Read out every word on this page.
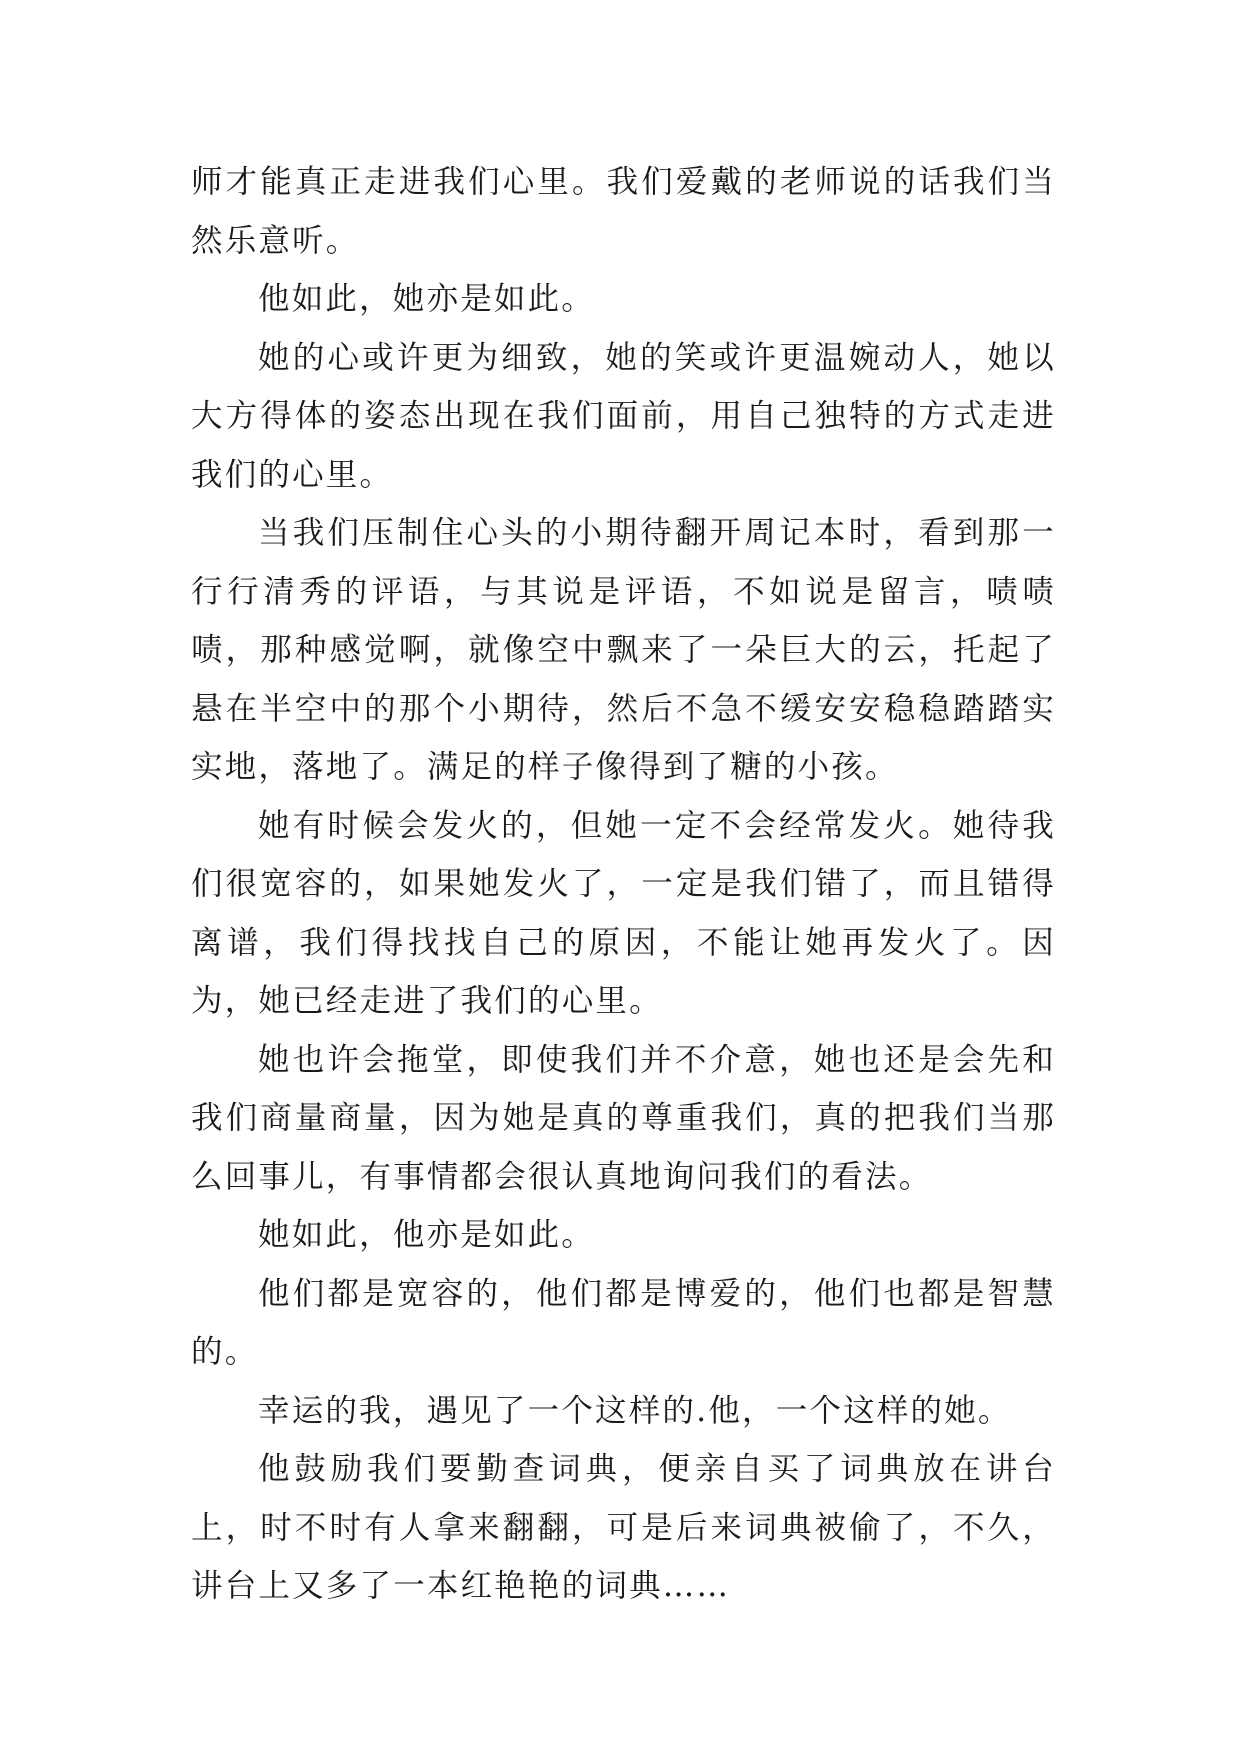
师才能真正走进我们心里。我们爱戴的老师说的话我们当然乐意听。

他如此，她亦是如此。

她的心或许更为细致，她的笑或许更温婉动人，她以大方得体的姿态出现在我们面前，用自己独特的方式走进我们的心里。

当我们压制住心头的小期待翻开周记本时，看到那一行行清秀的评语，与其说是评语，不如说是留言，啧啧啧，那种感觉啊，就像空中飘来了一朵巨大的云，托起了悬在半空中的那个小期待，然后不急不缓安安稳稳踏踏实实地，落地了。满足的样子像得到了糖的小孩。

她有时候会发火的，但她一定不会经常发火。她待我们很宽容的，如果她发火了，一定是我们错了，而且错得离谱，我们得找找自己的原因，不能让她再发火了。因为，她已经走进了我们的心里。

她也许会拖堂，即使我们并不介意，她也还是会先和我们商量商量，因为她是真的尊重我们，真的把我们当那么回事儿，有事情都会很认真地询问我们的看法。

她如此，他亦是如此。

他们都是宽容的，他们都是博爱的，他们也都是智慧的。

幸运的我，遇见了一个这样的.他，一个这样的她。

他鼓励我们要勤查词典，便亲自买了词典放在讲台上，时不时有人拿来翻翻，可是后来词典被偷了，不久，讲台上又多了一本红艳艳的词典……
